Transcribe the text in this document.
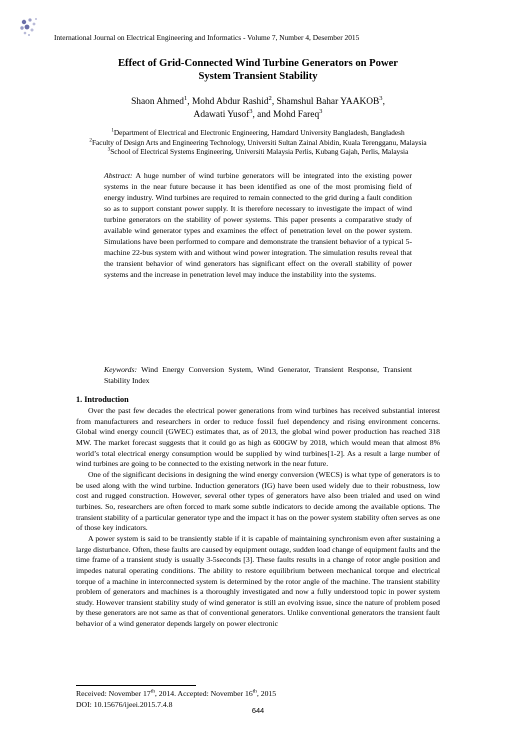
International Journal on Electrical Engineering and Informatics - Volume 7, Number 4, Desember 2015
Effect of Grid-Connected Wind Turbine Generators on Power
System Transient Stability
Shaon Ahmed$^1$, Mohd Abdur Rashid$^2$, Shamshul Bahar YAAKOB$^3$,
Adawati Yusof$^3$, and Mohd Fareq$^3$
$^1$Department of Electrical and Electronic Engineering, Hamdard University Bangladesh, Bangladesh
$^2$Faculty of Design Arts and Engineering Technology, Universiti Sultan Zainal Abidin, Kuala Terengganu, Malaysia
$^3$School of Electrical Systems Engineering, Universiti Malaysia Perlis, Kubang Gajah, Perlis, Malaysia
Abstract: A huge number of wind turbine generators will be integrated into the existing power systems in the near future because it has been identified as one of the most promising field of energy industry. Wind turbines are required to remain connected to the grid during a fault condition so as to support constant power supply. It is therefore necessary to investigate the impact of wind turbine generators on the stability of power systems. This paper presents a comparative study of available wind generator types and examines the effect of penetration level on the power system. Simulations have been performed to compare and demonstrate the transient behavior of a typical 5-machine 22-bus system with and without wind power integration. The simulation results reveal that the transient behavior of wind generators has significant effect on the overall stability of power systems and the increase in penetration level may induce the instability into the systems.
Keywords: Wind Energy Conversion System, Wind Generator, Transient Response, Transient Stability Index
1. Introduction

Over the past few decades the electrical power generations from wind turbines has received substantial interest from manufacturers and researchers in order to reduce fossil fuel dependency and rising environment concerns. Global wind energy council (GWEC) estimates that, as of 2013, the global wind power production has reached 318 MW. The market forecast suggests that it could go as high as 600GW by 2018, which would mean that almost 8% world’s total electrical energy consumption would be supplied by wind turbines[1-2]. As a result a large number of wind turbines are going to be connected to the existing network in the near future.

One of the significant decisions in designing the wind energy conversion (WECS) is what type of generators is to be used along with the wind turbine. Induction generators (IG) have been used widely due to their robustness, low cost and rugged construction. However, several other types of generators have also been trialed and used on wind turbines. So, researchers are often forced to mark some subtle indicators to decide among the available options. The transient stability of a particular generator type and the impact it has on the power system stability often serves as one of those key indicators.

A power system is said to be transiently stable if it is capable of maintaining synchronism even after sustaining a large disturbance. Often, these faults are caused by equipment outage, sudden load change of equipment faults and the time frame of a transient study is usually 3-5seconds [3]. These faults results in a change of rotor angle position and impedes natural operating conditions. The ability to restore equilibrium between mechanical torque and electrical torque of a machine in interconnected system is determined by the rotor angle of the machine. The transient stability problem of generators and machines is a thoroughly investigated and now a fully understood topic in power system study. However transient stability study of wind generator is still an evolving issue, since the nature of problem posed by these generators are not same as that of conventional generators. Unlike conventional generators the transient fault behavior of a wind generator depends largely on power electronic

Received: November 17th, 2014. Accepted: November 16th, 2015
DOI: 10.15676/ijeei.2015.7.4.8
644
